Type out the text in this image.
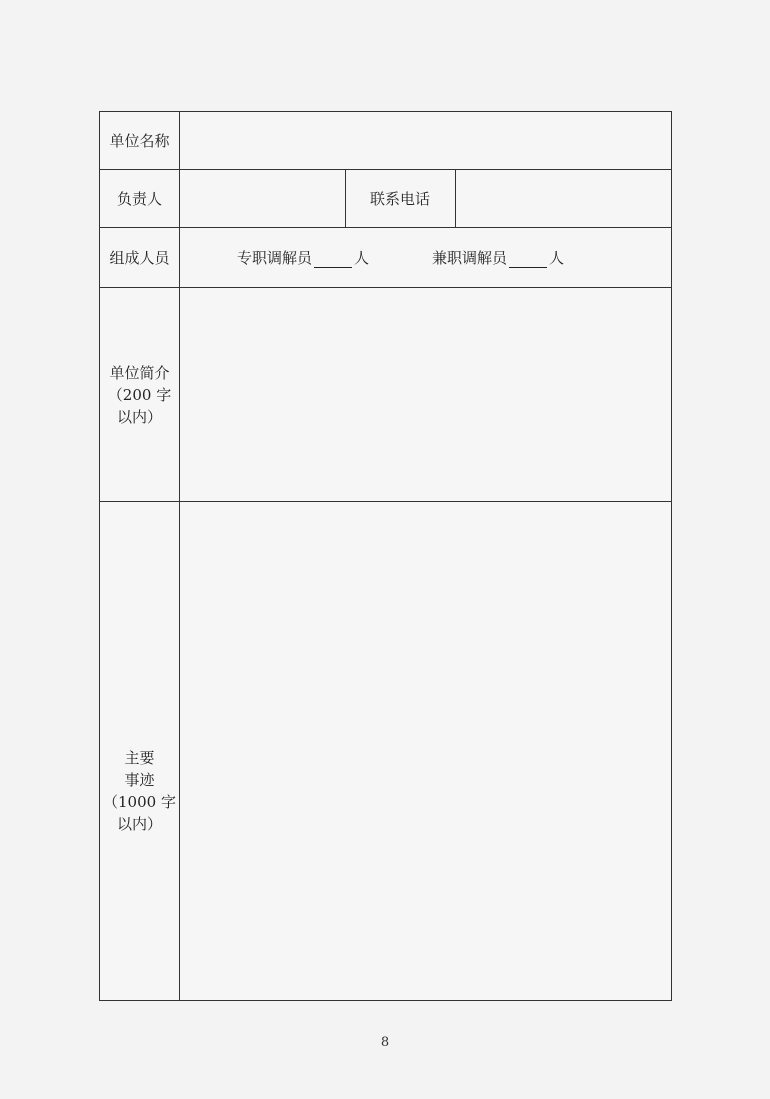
单位名称
负责人	联系电话
组成人员	专职调解员	人	兼职调解员	人
单位简介
（200 字
以内）
主要
事迹
（1000 字
以内）
8
